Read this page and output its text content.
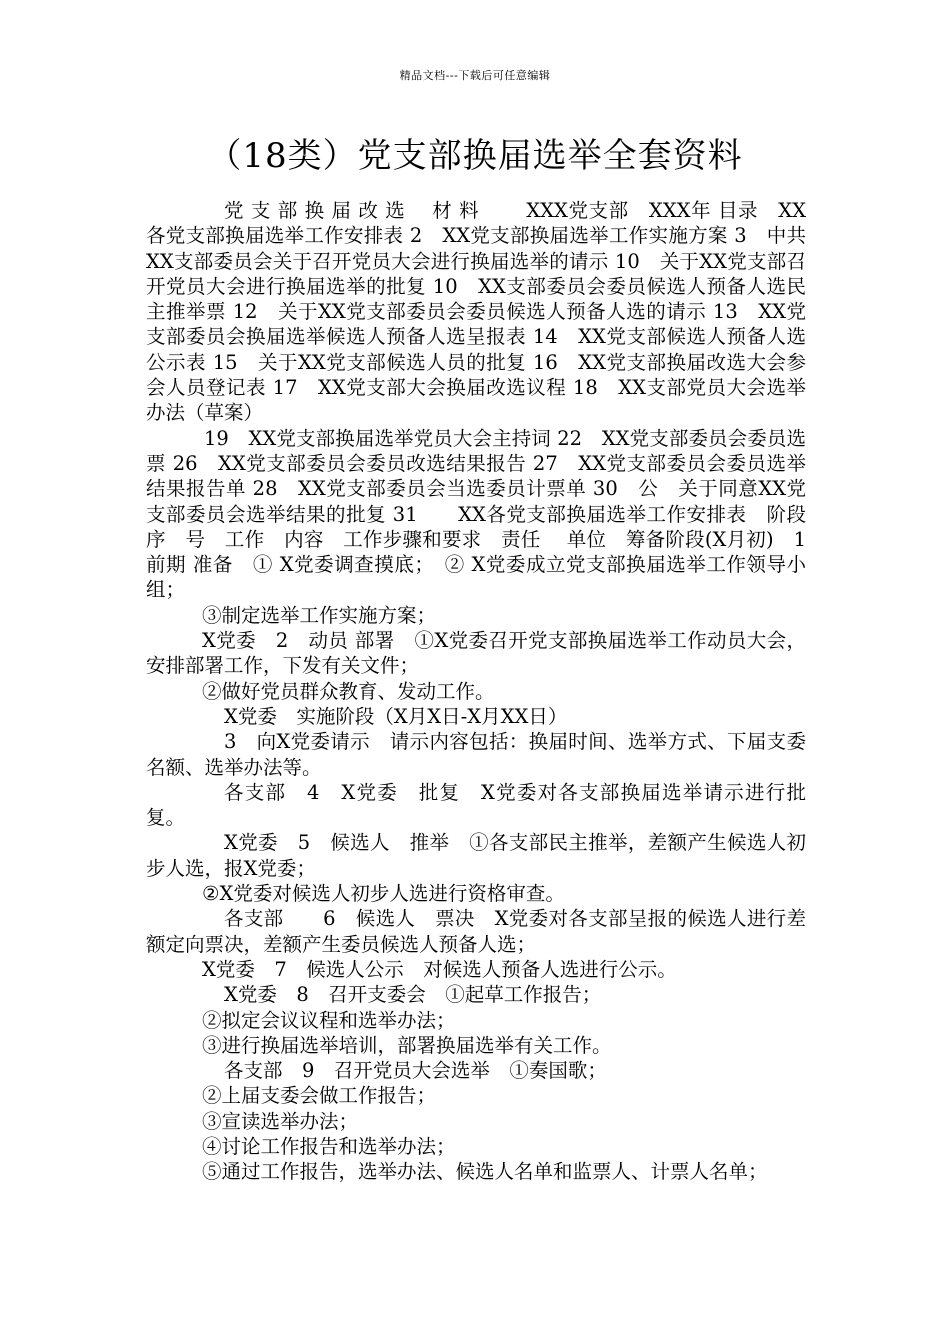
精品文档---下载后可任意编辑
（18类）党支部换届选举全套资料

党 支 部 换 届 改 选　 材 料　　 XXX党支部　XXX年 目录　XX各党支部换届选举工作安排表 2　XX党支部换届选举工作实施方案 3　中共XX支部委员会关于召开党员大会进行换届选举的请示 10　关于XX党支部召开党员大会进行换届选举的批复 10　XX支部委员会委员候选人预备人选民主推举票 12　关于XX党支部委员会委员候选人预备人选的请示 13　XX党支部委员会换届选举候选人预备人选呈报表 14　XX党支部候选人预备人选公示表 15　关于XX党支部候选人员的批复 16　XX党支部换届改选大会参会人员登记表 17　XX党支部大会换届改选议程 18　XX支部党员大会选举办法（草案）

19　XX党支部换届选举党员大会主持词 22　XX党支部委员会委员选票 26　XX党支部委员会委员改选结果报告 27　XX党支部委员会委员选举结果报告单 28　XX党支部委员会当选委员计票单 30　公　关于同意XX党支部委员会选举结果的批复 31　　XX各党支部换届选举工作安排表　阶段　序　号　工作　内容　工作步骤和要求　责任　 单位　筹备阶段(X月初)　1　前期 准备　① X党委调查摸底；　② X党委成立党支部换届选举工作领导小组；

③制定选举工作实施方案；

X党委　2　动员 部署　①X党委召开党支部换届选举工作动员大会，安排部署工作，下发有关文件；

②做好党员群众教育、发动工作。

X党委　实施阶段（X月X日-X月XX日）

3　向X党委请示　请示内容包括：换届时间、选举方式、下届支委名额、选举办法等。

各支部　4　X党委　批复　X党委对各支部换届选举请示进行批复。

X党委　5　候选人　推举　①各支部民主推举，差额产生候选人初步人选，报X党委；

②X党委对候选人初步人选进行资格审查。

各支部　　6　候选人　票决　X党委对各支部呈报的候选人进行差额定向票决，差额产生委员候选人预备人选；

X党委　7　候选人公示　对候选人预备人选进行公示。

X党委　8　召开支委会　①起草工作报告；

②拟定会议议程和选举办法；

③进行换届选举培训，部署换届选举有关工作。

各支部　9　召开党员大会选举　①奏国歌；

②上届支委会做工作报告；

③宣读选举办法；

④讨论工作报告和选举办法；

⑤通过工作报告，选举办法、候选人名单和监票人、计票人名单；
